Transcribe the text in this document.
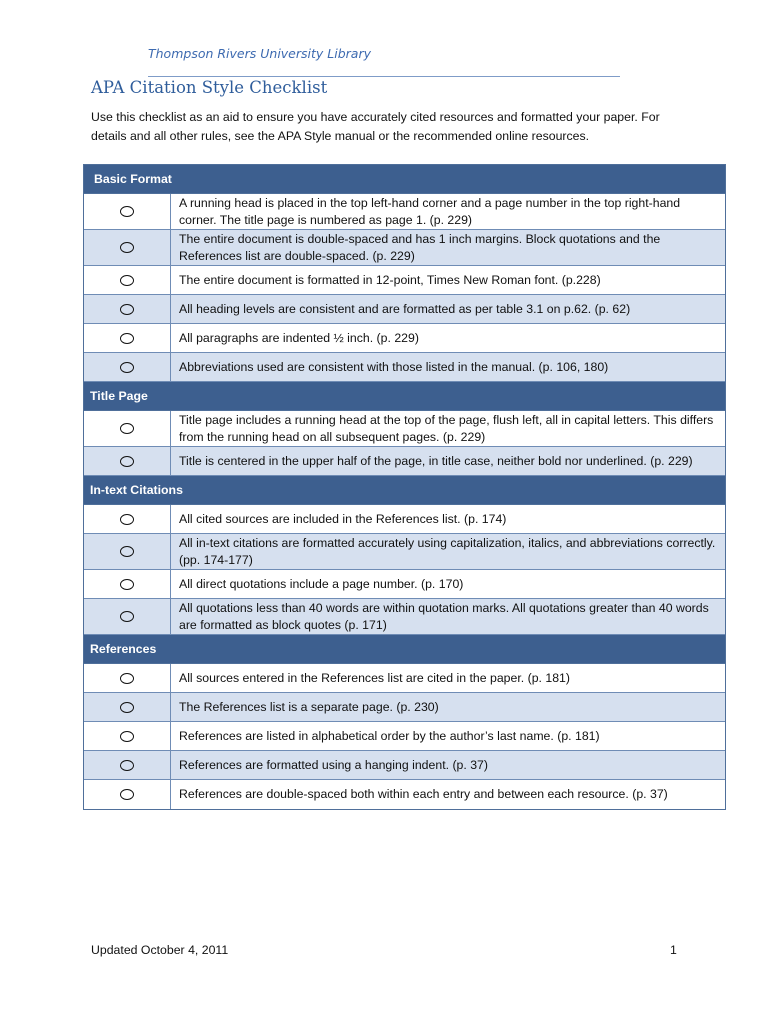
Thompson Rivers University Library
APA Citation Style Checklist

Use this checklist as an aid to ensure you have accurately cited resources and formatted your paper. For

details and all other rules, see the APA Style manual or the recommended online resources.

Basic Format
A running head is placed in the top left-hand corner and a page number in the top right-hand corner. The title page is numbered as page 1. (p. 229)
The entire document is double-spaced and has 1 inch margins. Block quotations and the References list are double-spaced. (p. 229)
The entire document is formatted in 12-point, Times New Roman font. (p.228)
All heading levels are consistent and are formatted as per table 3.1 on p.62. (p. 62)
All paragraphs are indented ½ inch. (p. 229)
Abbreviations used are consistent with those listed in the manual. (p. 106, 180)
Title Page
Title page includes a running head at the top of the page, flush left, all in capital letters. This differs from the running head on all subsequent pages. (p. 229)
Title is centered in the upper half of the page, in title case, neither bold nor underlined. (p. 229)
In-text Citations
All cited sources are included in the References list. (p. 174)
All in-text citations are formatted accurately using capitalization, italics, and abbreviations correctly. (pp. 174-177)
All direct quotations include a page number. (p. 170)
All quotations less than 40 words are within quotation marks. All quotations greater than 40 words are formatted as block quotes (p. 171)
References
All sources entered in the References list are cited in the paper. (p. 181)
The References list is a separate page. (p. 230)
References are listed in alphabetical order by the author’s last name. (p. 181)
References are formatted using a hanging indent. (p. 37)
References are double-spaced both within each entry and between each resource. (p. 37)
Updated October 4, 2011	1
